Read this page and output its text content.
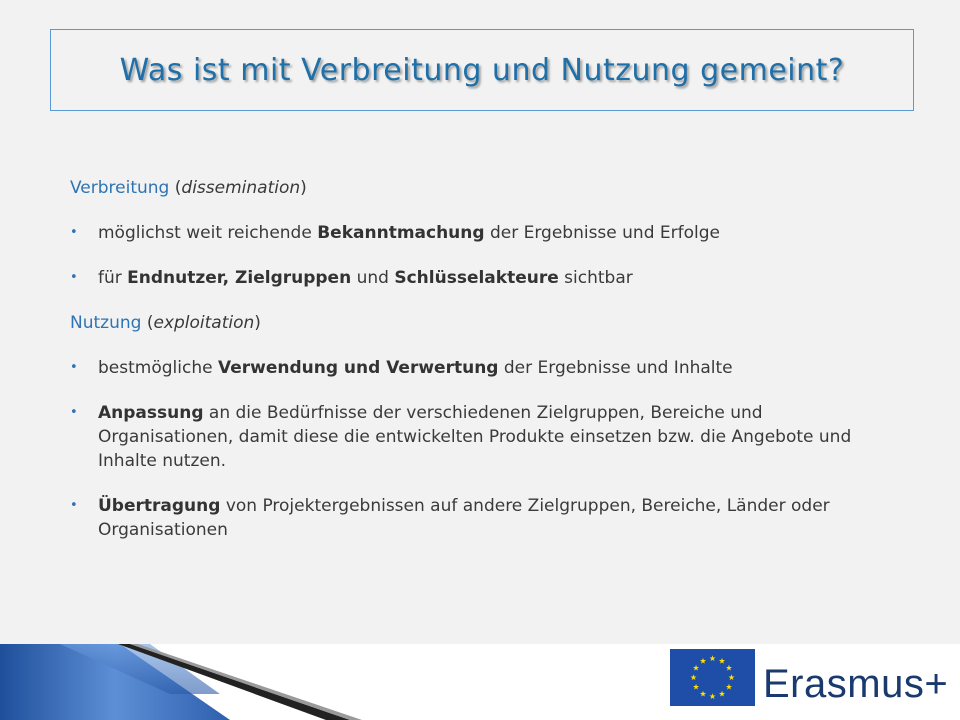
Was ist mit Verbreitung und Nutzung gemeint?
Verbreitung (dissemination)
• möglichst weit reichende Bekanntmachung der Ergebnisse und Erfolge
• für Endnutzer, Zielgruppen und Schlüsselakteure sichtbar
Nutzung (exploitation)
• bestmögliche Verwendung und Verwertung der Ergebnisse und Inhalte
• Anpassung an die Bedürfnisse der verschiedenen Zielgruppen, Bereiche und Organisationen, damit diese die entwickelten Produkte einsetzen bzw. die Angebote und Inhalte nutzen.
• Übertragung von Projektergebnissen auf andere Zielgruppen, Bereiche, Länder oder Organisationen
Erasmus+
